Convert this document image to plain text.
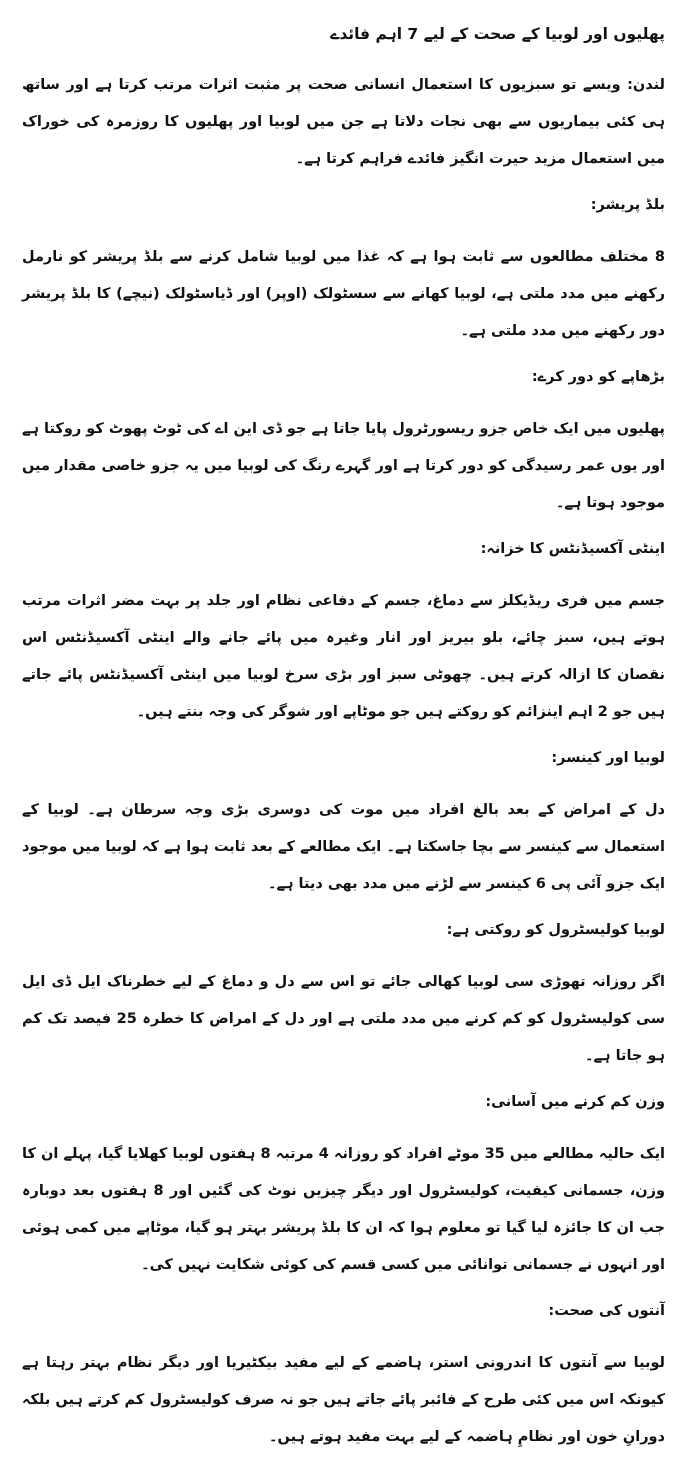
پھلیوں اور لوبیا کے صحت کے لیے 7 اہم فائدے

لندن: ویسے تو سبزیوں کا استعمال انسانی صحت پر مثبت اثرات مرتب کرتا ہے اور ساتھ ہی کئی بیماریوں سے بھی نجات دلاتا ہے جن میں لوبیا اور پھلیوں کا روزمرہ کی خوراک میں استعمال مزید حیرت انگیز فائدے فراہم کرتا ہے۔

بلڈ پریشر:

8 مختلف مطالعوں سے ثابت ہوا ہے کہ غذا میں لوبیا شامل کرنے سے بلڈ پریشر کو نارمل رکھنے میں مدد ملتی ہے، لوبیا کھانے سے سسٹولک (اوپر) اور ڈیاسٹولک (نیچے) کا بلڈ پریشر دور رکھنے میں مدد ملتی ہے۔

بڑھاپے کو دور کرے:

پھلیوں میں ایک خاص جزو ریسورٹرول پایا جاتا ہے جو ڈی این اے کی ٹوٹ پھوٹ کو روکتا ہے اور یوں عمر رسیدگی کو دور کرتا ہے اور گہرے رنگ کی لوبیا میں یہ جزو خاصی مقدار میں موجود ہوتا ہے۔

اینٹی آکسیڈنٹس کا خزانہ:

جسم میں فری ریڈیکلز سے دماغ، جسم کے دفاعی نظام اور جلد پر بہت مضر اثرات مرتب ہوتے ہیں، سبز چائے، بلو بیریز اور انار وغیرہ میں پائے جانے والے اینٹی آکسیڈنٹس اس نقصان کا ازالہ کرتے ہیں۔ چھوٹی سبز اور بڑی سرخ لوبیا میں اینٹی آکسیڈنٹس پائے جاتے ہیں جو 2 اہم اینزائم کو روکتے ہیں جو موٹاپے اور شوگر کی وجہ بنتے ہیں۔

لوبیا اور کینسر:

دل کے امراض کے بعد بالغ افراد میں موت کی دوسری بڑی وجہ سرطان ہے۔ لوبیا کے استعمال سے کینسر سے بچا جاسکتا ہے۔ ایک مطالعے کے بعد ثابت ہوا ہے کہ لوبیا میں موجود ایک جزو آئی پی 6 کینسر سے لڑنے میں مدد بھی دیتا ہے۔

لوبیا کولیسٹرول کو روکتی ہے:

اگر روزانہ تھوڑی سی لوبیا کھالی جائے تو اس سے دل و دماغ کے لیے خطرناک ایل ڈی ایل سی کولیسٹرول کو کم کرنے میں مدد ملتی ہے اور دل کے امراض کا خطرہ 25 فیصد تک کم ہو جاتا ہے۔

وزن کم کرنے میں آسانی:

ایک حالیہ مطالعے میں 35 موٹے افراد کو روزانہ 4 مرتبہ 8 ہفتوں لوبیا کھلایا گیا، پہلے ان کا وزن، جسمانی کیفیت، کولیسٹرول اور دیگر چیزیں نوٹ کی گئیں اور 8 ہفتوں بعد دوبارہ جب ان کا جائزہ لیا گیا تو معلوم ہوا کہ ان کا بلڈ پریشر بہتر ہو گیا، موٹاپے میں کمی ہوئی اور انہوں نے جسمانی توانائی میں کسی قسم کی کوئی شکایت نہیں کی۔

آنتوں کی صحت:

لوبیا سے آنتوں کا اندرونی استر، ہاضمے کے لیے مفید بیکٹیریا اور دیگر نظام بہتر رہتا ہے کیونکہ اس میں کئی طرح کے فائبر پائے جاتے ہیں جو نہ صرف کولیسٹرول کم کرتے ہیں بلکہ دورانِ خون اور نظامِ ہاضمہ کے لیے بہت مفید ہوتے ہیں۔
